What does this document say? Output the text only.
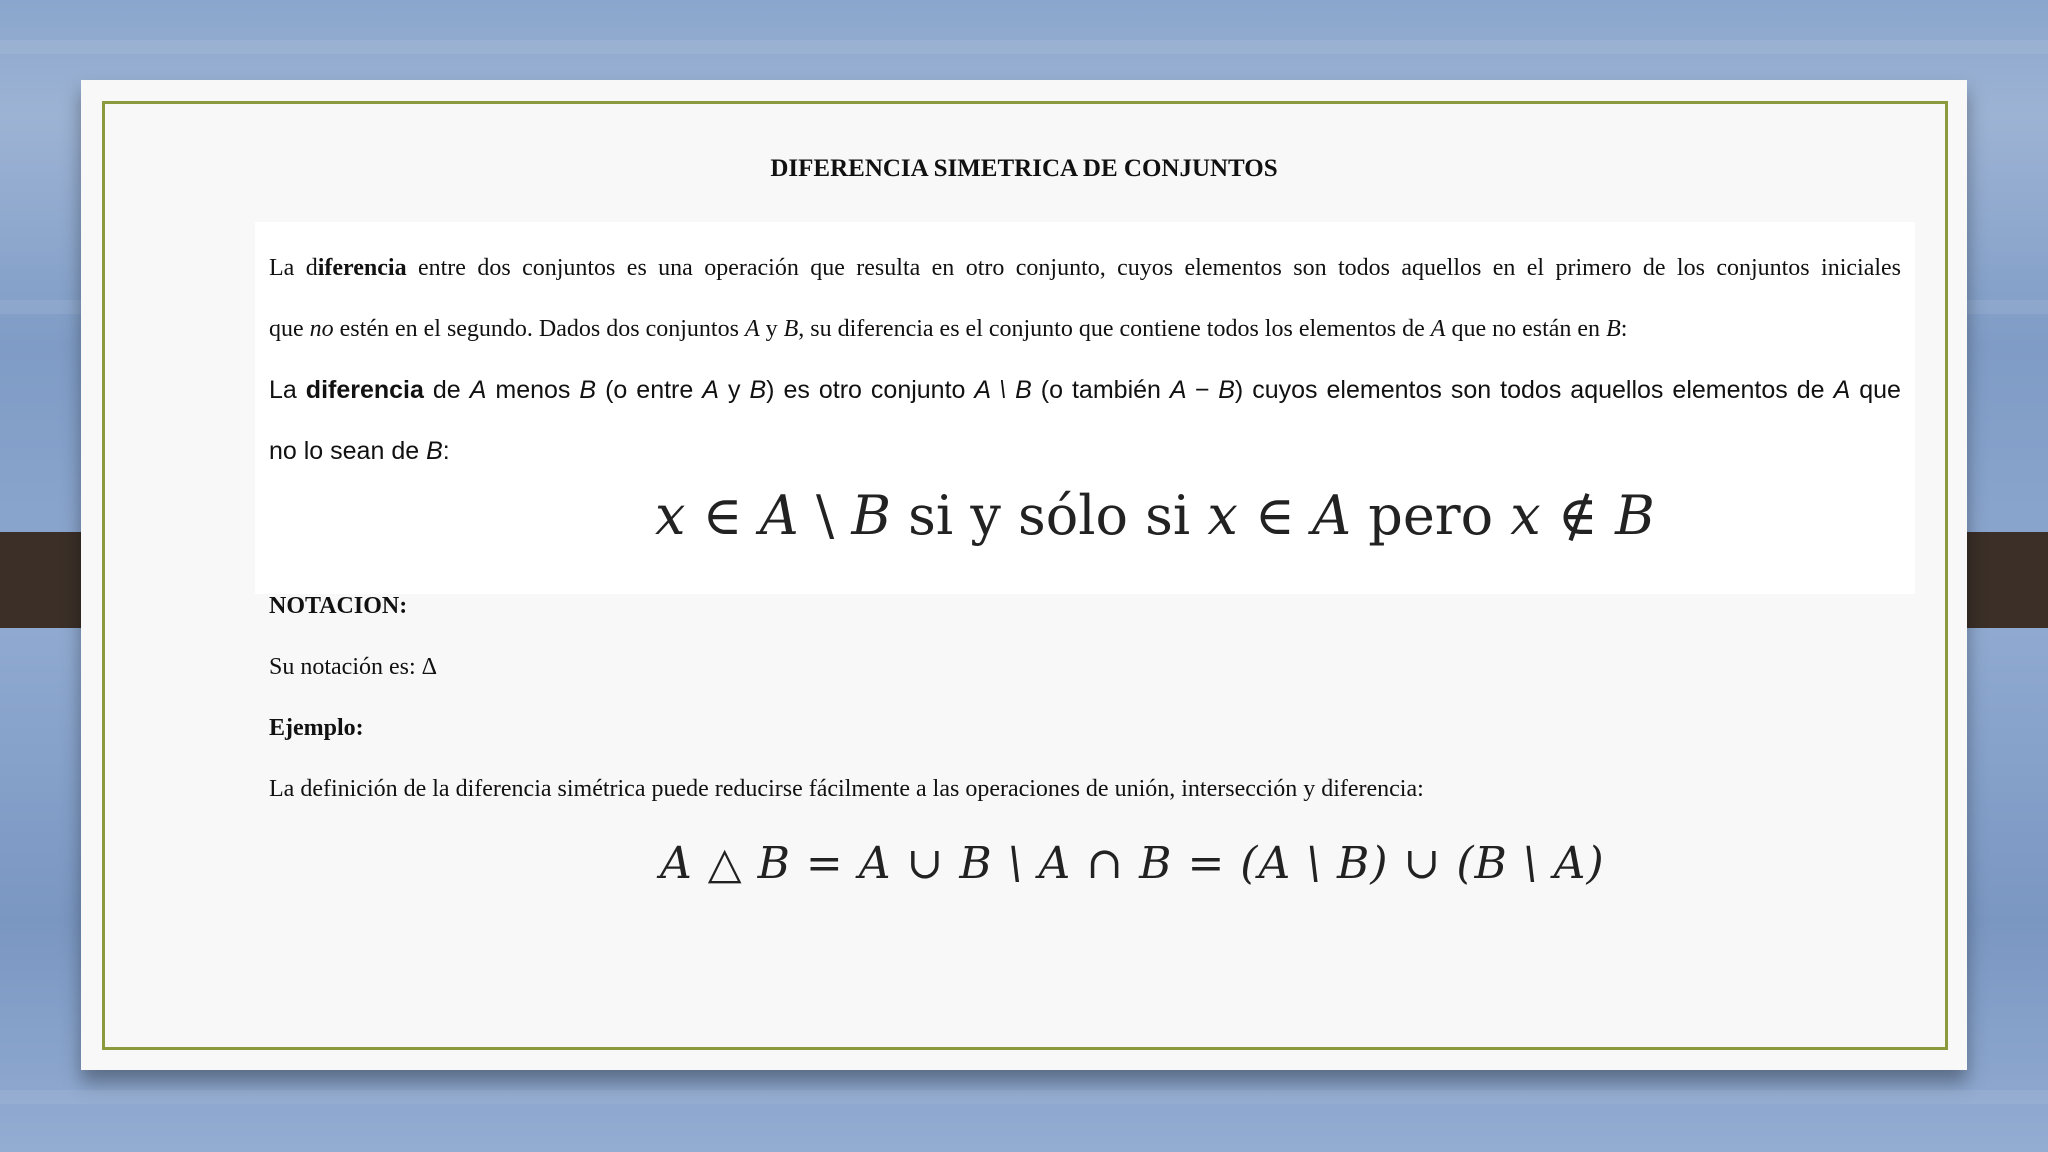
DIFERENCIA SIMETRICA DE CONJUNTOS
La diferencia entre dos conjuntos es una operación que resulta en otro conjunto, cuyos elementos son todos aquellos en el primero de los conjuntos iniciales
que no estén en el segundo. Dados dos conjuntos A y B, su diferencia es el conjunto que contiene todos los elementos de A que no están en B:
La diferencia de A menos B (o entre A y B) es otro conjunto A \ B (o también A − B) cuyos elementos son todos aquellos elementos de A que
no lo sean de B:
x ∈ A \ B si y sólo si x ∈ A pero x ∉ B
NOTACION:
Su notación es: Δ
Ejemplo:
La definición de la diferencia simétrica puede reducirse fácilmente a las operaciones de unión, intersección y diferencia:
A △ B = A ∪ B \ A ∩ B = (A \ B) ∪ (B \ A)
